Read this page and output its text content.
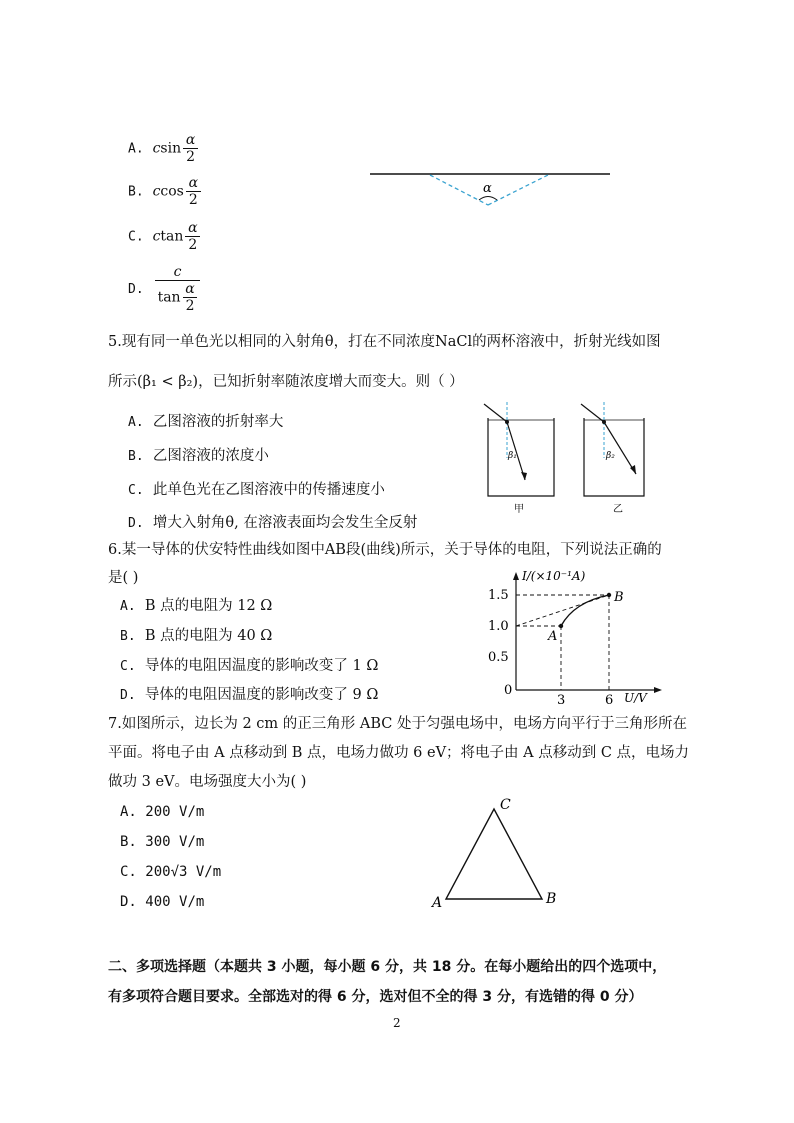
A. csin $\frac{\alpha}{2}$
B. ccos $\frac{\alpha}{2}$
C. ctan $\frac{\alpha}{2}$
D. $\frac{c}{\tan \frac{\alpha}{2}}$
α
5.现有同一单色光以相同的入射角θ，打在不同浓度NaCl的两杯溶液中，折射光线如图
所示(β₁ < β₂)，已知折射率随浓度增大而变大。则（ ）
A. 乙图溶液的折射率大
B. 乙图溶液的浓度小
C. 此单色光在乙图溶液中的传播速度小
D. 增大入射角θ, 在溶液表面均会发生全反射
β₁
甲
β₂
乙
6.某一导体的伏安特性曲线如图中AB段(曲线)所示，关于导体的电阻，下列说法正确的
是( )
A. B 点的电阻为 12 Ω
B. B 点的电阻为 40 Ω
C. 导体的电阻因温度的影响改变了 1 Ω
D. 导体的电阻因温度的影响改变了 9 Ω
I/(×10⁻¹A)
U/V
1.5
1.0
0.5
0
3	6
A
B
7.如图所示，边长为 2 cm 的正三角形 ABC 处于匀强电场中，电场方向平行于三角形所在
平面。将电子由 A 点移动到 B 点，电场力做功 6 eV；将电子由 A 点移动到 C 点，电场力
做功 3 eV。电场强度大小为( )
A. 200 V/m
B. 300 V/m
C. 200√3 V/m
D. 400 V/m	A	B
C
二、多项选择题（本题共 3 小题，每小题 6 分，共 18 分。在每小题给出的四个选项中，
有多项符合题目要求。全部选对的得 6 分，选对但不全的得 3 分，有选错的得 0 分）
2
